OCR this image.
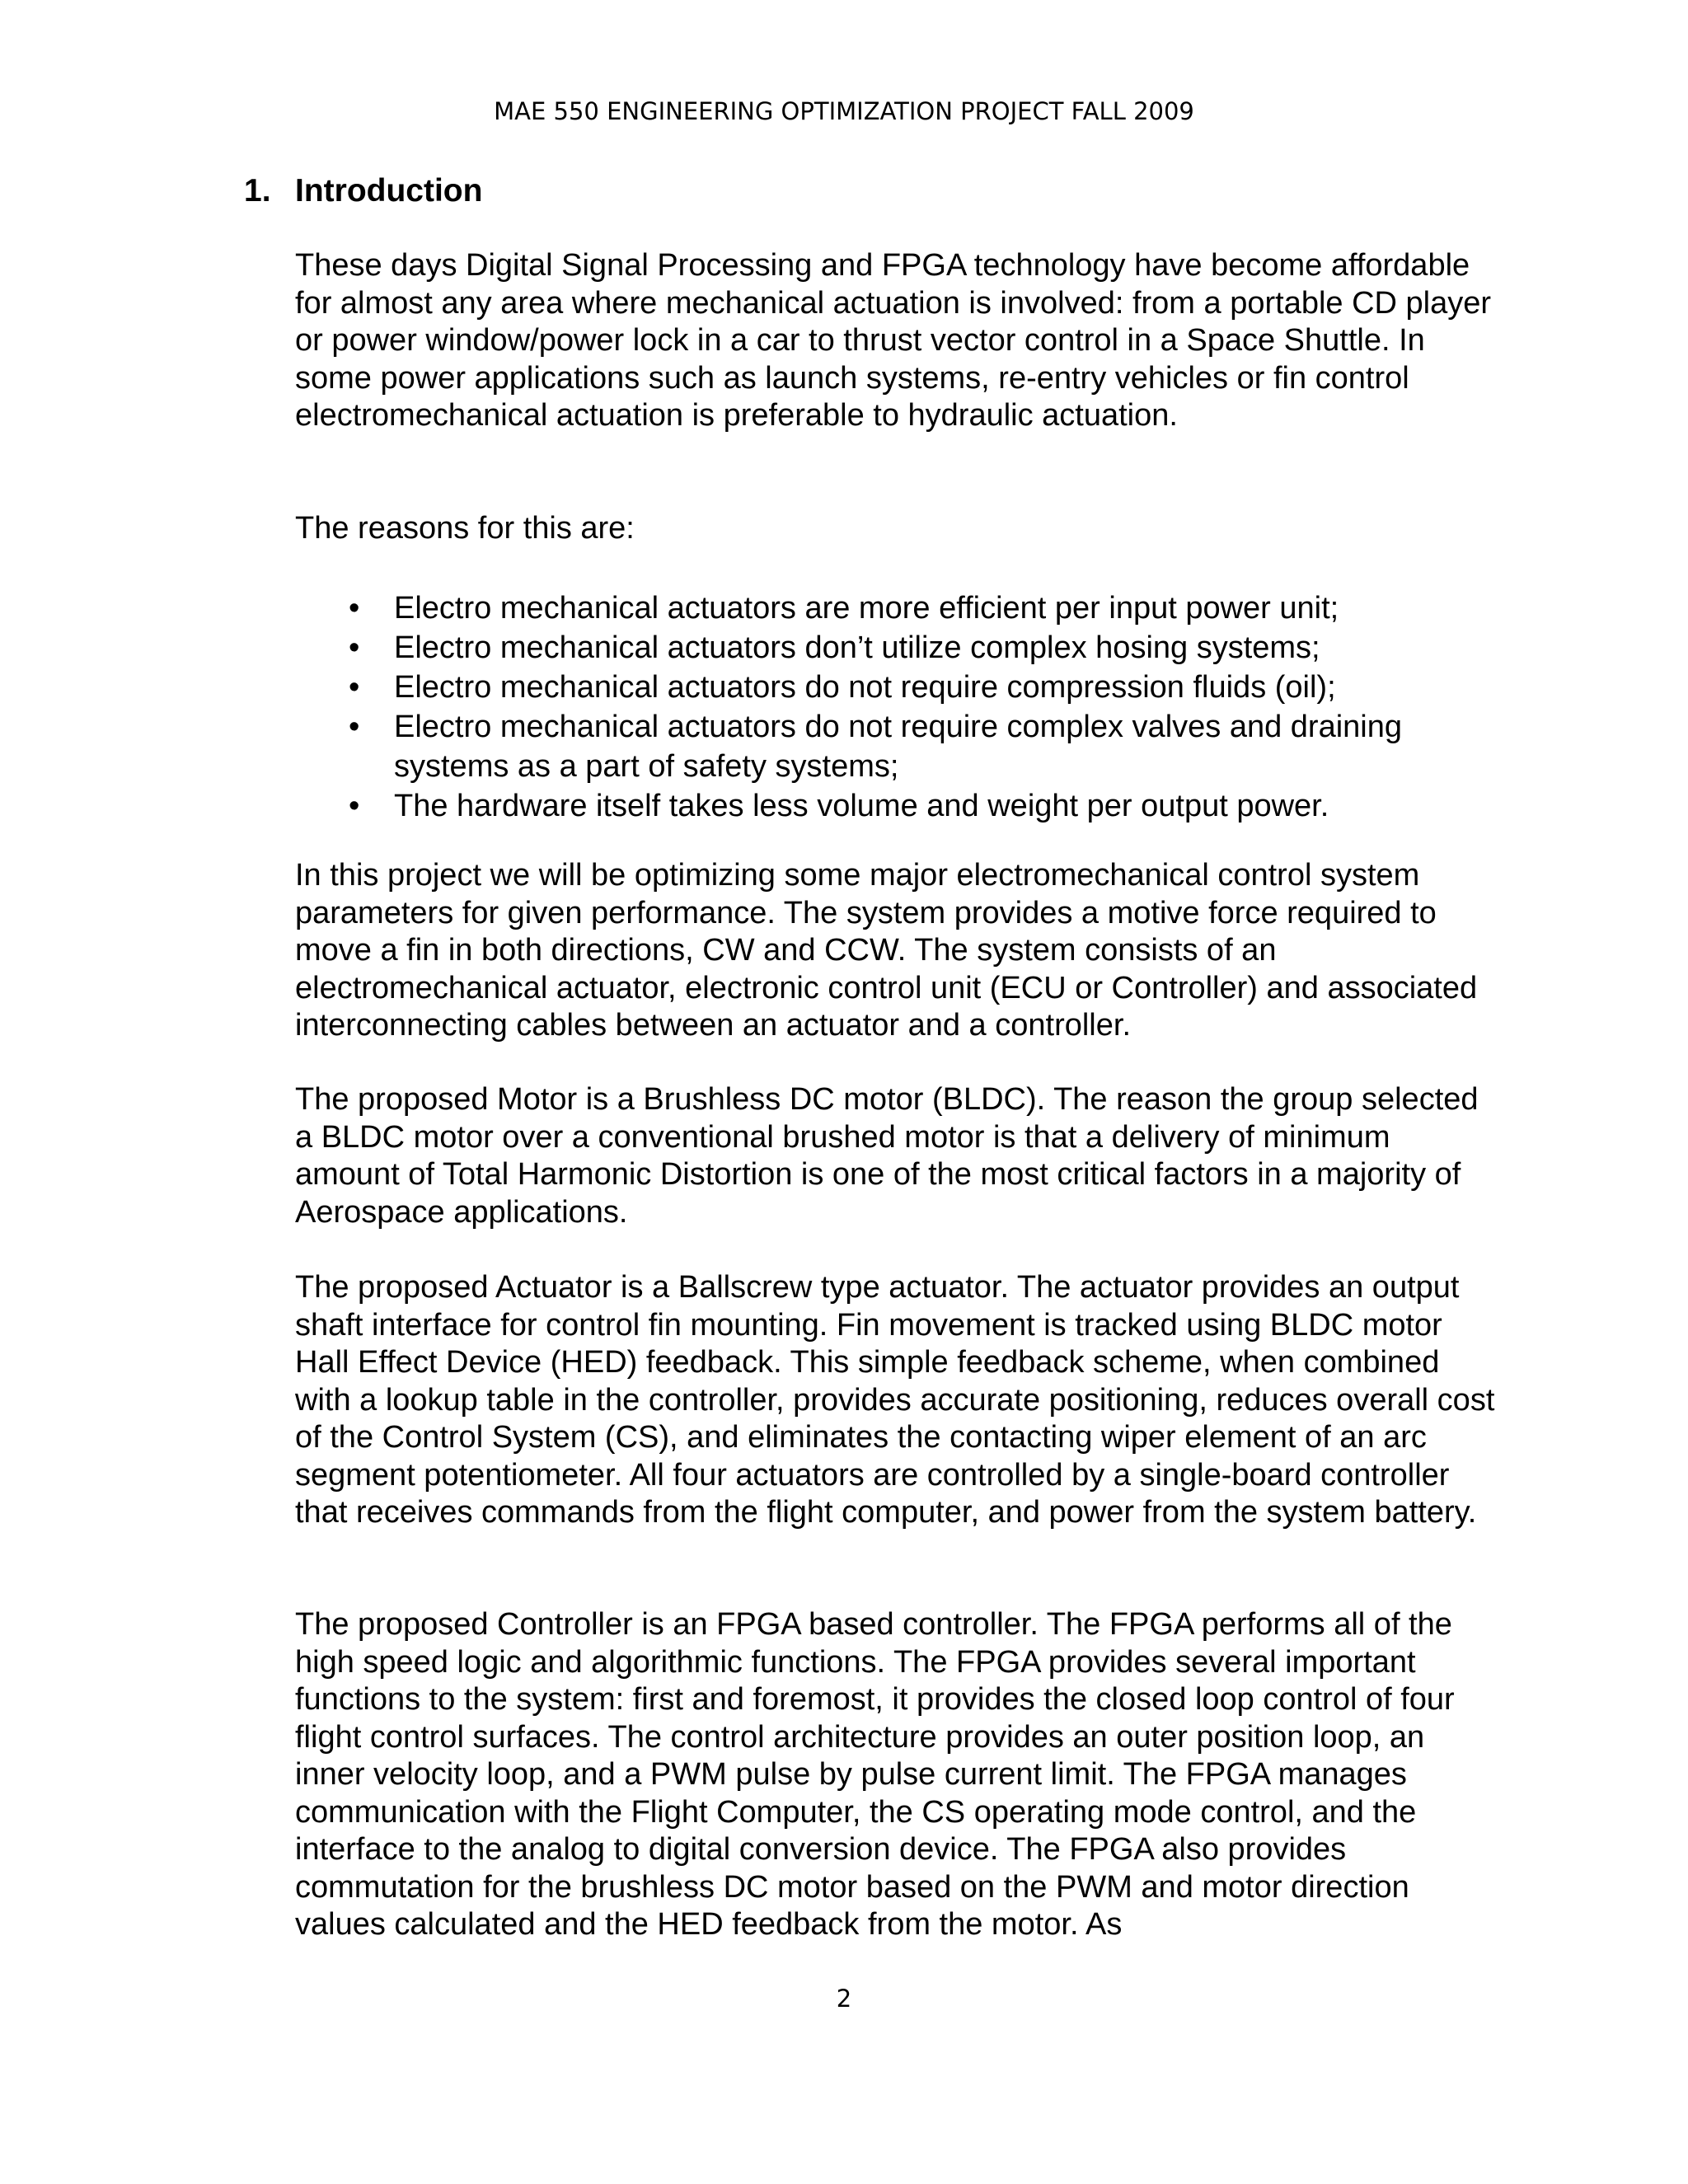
MAE 550 ENGINEERING OPTIMIZATION PROJECT FALL 2009
1. Introduction

These days Digital Signal Processing and FPGA technology have become affordable for almost any area where mechanical actuation is involved: from a portable CD player or power window/power lock in a car to thrust vector control in a Space Shuttle. In some power applications such as launch systems, re-entry vehicles or fin control electromechanical actuation is preferable to hydraulic actuation.

The reasons for this are:

• Electro mechanical actuators are more efficient per input power unit;
• Electro mechanical actuators don’t utilize complex hosing systems;
• Electro mechanical actuators do not require compression fluids (oil);
• Electro mechanical actuators do not require complex valves and draining systems as a part of safety systems;
• The hardware itself takes less volume and weight per output power.

In this project we will be optimizing some major electromechanical control system parameters for given performance. The system provides a motive force required to move a fin in both directions, CW and CCW. The system consists of an electromechanical actuator, electronic control unit (ECU or Controller) and associated interconnecting cables between an actuator and a controller.

The proposed Motor is a Brushless DC motor (BLDC). The reason the group selected a BLDC motor over a conventional brushed motor is that a delivery of minimum amount of Total Harmonic Distortion is one of the most critical factors in a majority of Aerospace applications.

The proposed Actuator is a Ballscrew type actuator. The actuator provides an output shaft interface for control fin mounting. Fin movement is tracked using BLDC motor Hall Effect Device (HED) feedback. This simple feedback scheme, when combined with a lookup table in the controller, provides accurate positioning, reduces overall cost of the Control System (CS), and eliminates the contacting wiper element of an arc segment potentiometer. All four actuators are controlled by a single-board controller that receives commands from the flight computer, and power from the system battery.

The proposed Controller is an FPGA based controller. The FPGA performs all of the high speed logic and algorithmic functions. The FPGA provides several important functions to the system: first and foremost, it provides the closed loop control of four flight control surfaces. The control architecture provides an outer position loop, an inner velocity loop, and a PWM pulse by pulse current limit. The FPGA manages communication with the Flight Computer, the CS operating mode control, and the interface to the analog to digital conversion device. The FPGA also provides commutation for the brushless DC motor based on the PWM and motor direction values calculated and the HED feedback from the motor. As

2
